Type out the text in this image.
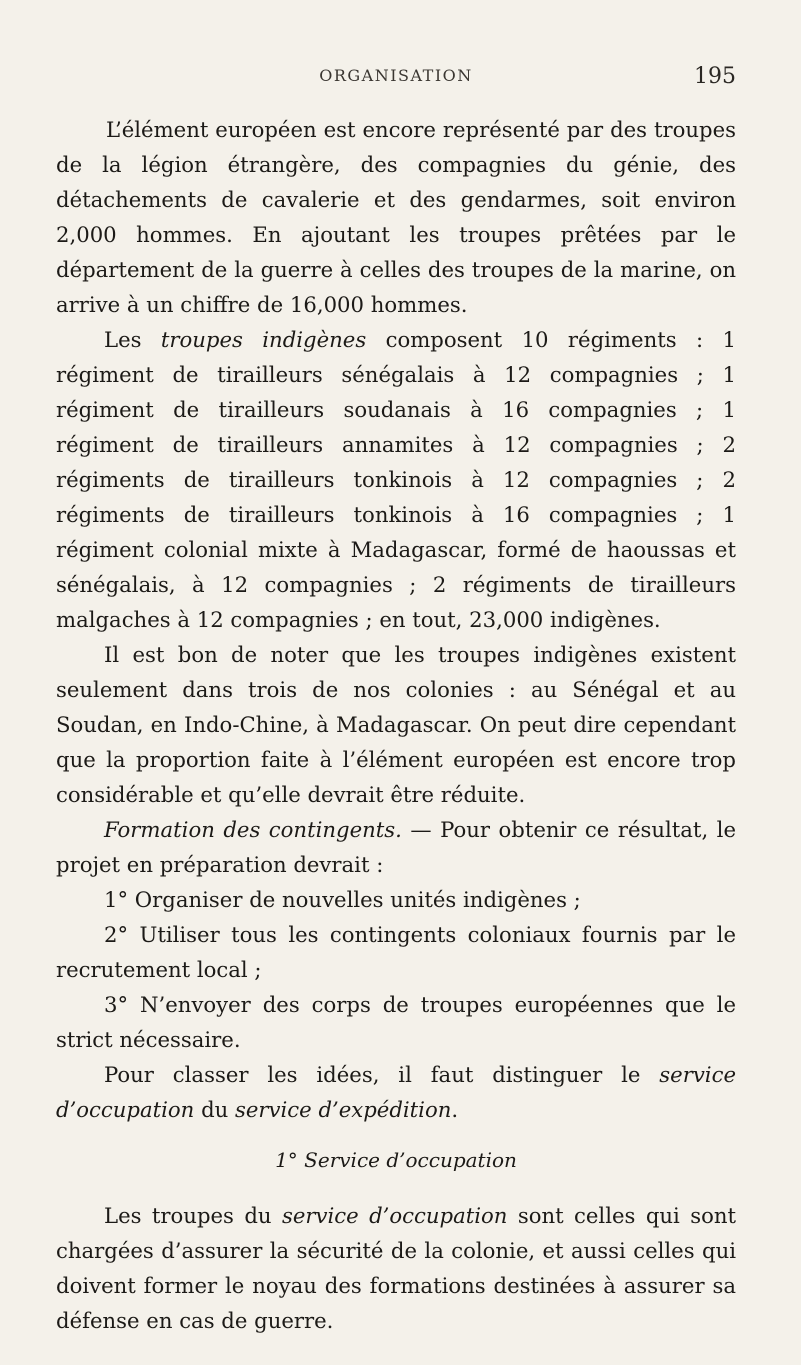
ORGANISATION	195

L’élément européen est encore représenté par des troupes de la légion étrangère, des compagnies du génie, des détachements de cavalerie et des gendarmes, soit environ 2,000 hommes. En ajoutant les troupes prêtées par le département de la guerre à celles des troupes de la marine, on arrive à un chiffre de 16,000 hommes.

Les troupes indigènes composent 10 régiments : 1 régiment de tirailleurs sénégalais à 12 compagnies ; 1 régiment de tirailleurs soudanais à 16 compagnies ; 1 régiment de tirailleurs annamites à 12 compagnies ; 2 régiments de tirailleurs tonkinois à 12 compagnies ; 2 régiments de tirailleurs tonkinois à 16 compagnies ; 1 régiment colonial mixte à Madagascar, formé de haoussas et sénégalais, à 12 compagnies ; 2 régiments de tirailleurs malgaches à 12 compagnies ; en tout, 23,000 indigènes.

Il est bon de noter que les troupes indigènes existent seulement dans trois de nos colonies : au Sénégal et au Soudan, en Indo-Chine, à Madagascar. On peut dire cependant que la proportion faite à l’élément européen est encore trop considérable et qu’elle devrait être réduite.

Formation des contingents. — Pour obtenir ce résultat, le projet en préparation devrait :

1° Organiser de nouvelles unités indigènes ;

2° Utiliser tous les contingents coloniaux fournis par le recrutement local ;

3° N’envoyer des corps de troupes européennes que le strict nécessaire.

Pour classer les idées, il faut distinguer le service d’occupation du service d’expédition.

1° Service d’occupation

Les troupes du service d’occupation sont celles qui sont chargées d’assurer la sécurité de la colonie, et aussi celles qui doivent former le noyau des formations destinées à assurer sa défense en cas de guerre.
